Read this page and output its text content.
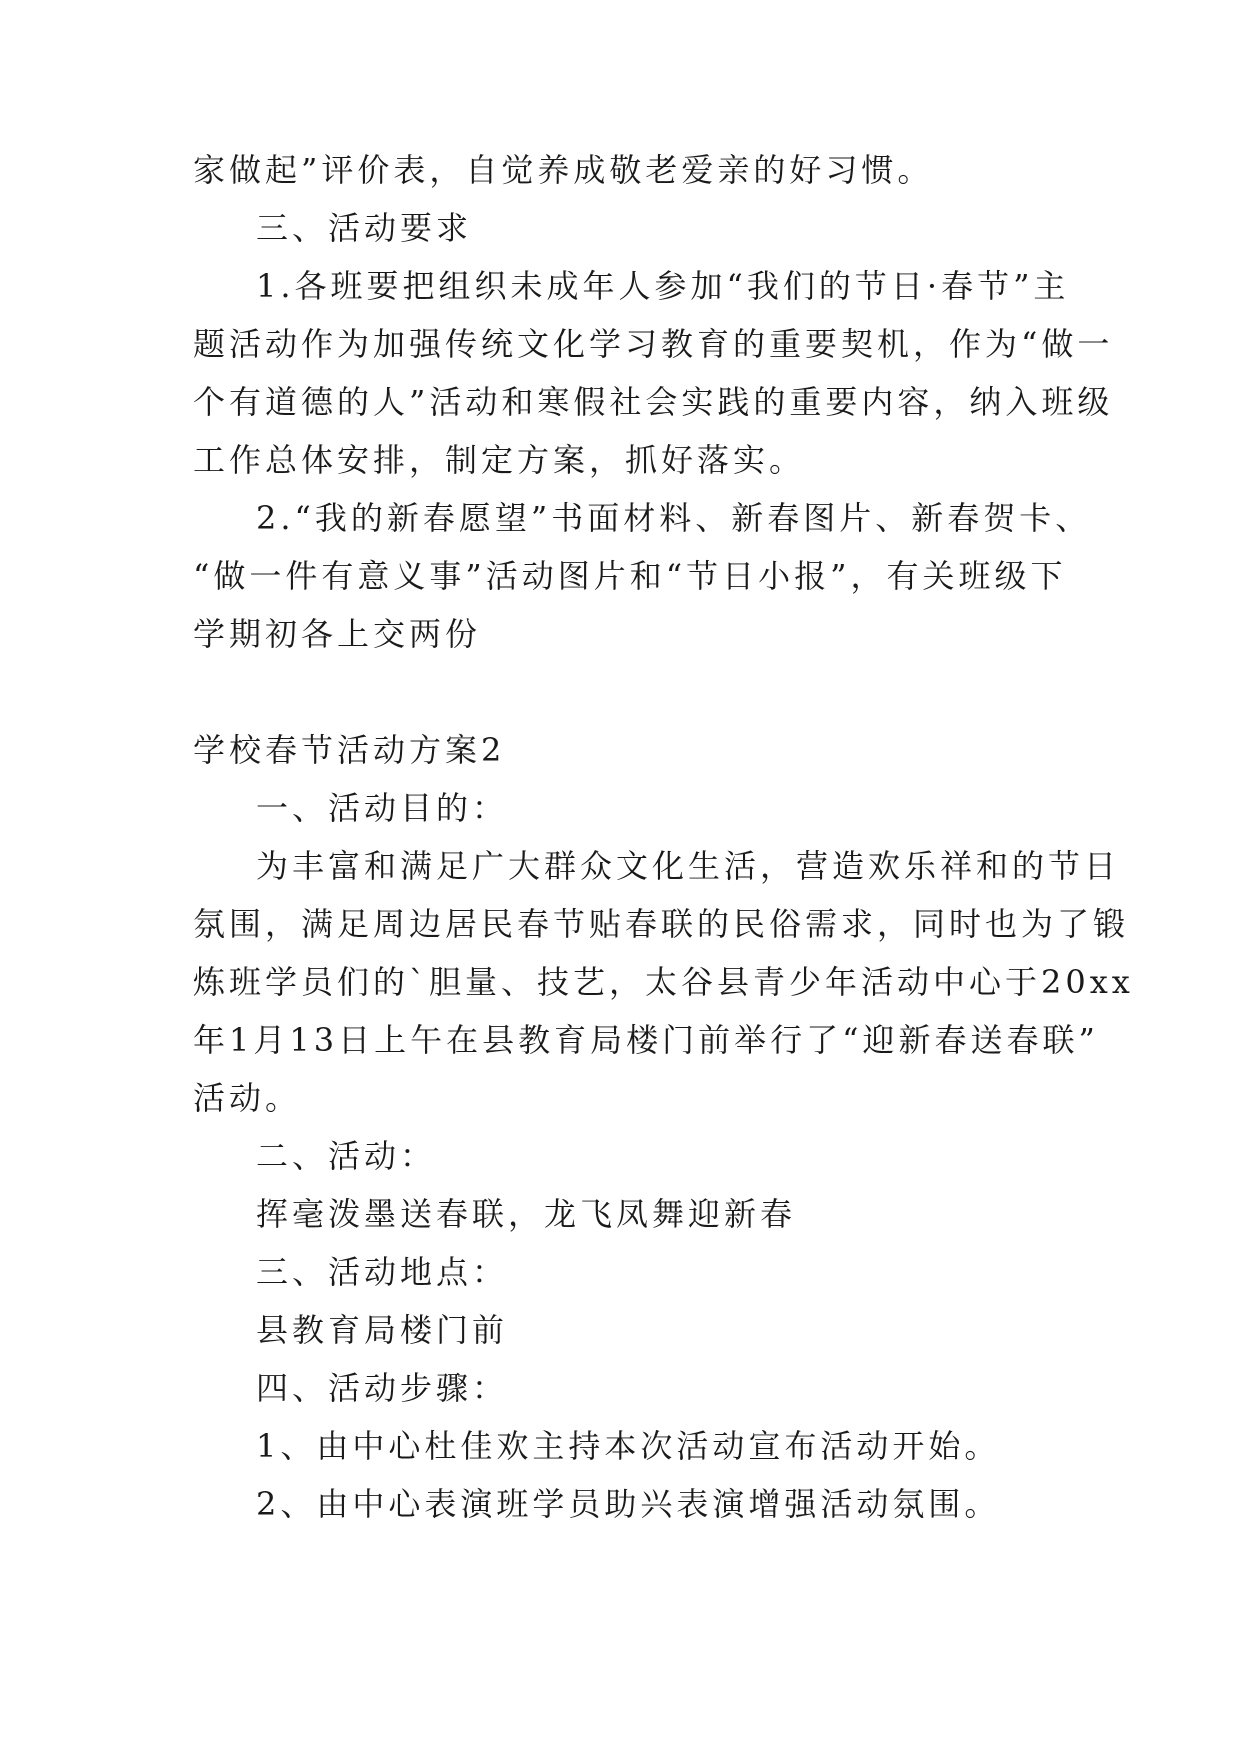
家做起”评价表，自觉养成敬老爱亲的好习惯。
三、活动要求
1.各班要把组织未成年人参加“我们的节日·春节”主
题活动作为加强传统文化学习教育的重要契机，作为“做一
个有道德的人”活动和寒假社会实践的重要内容，纳入班级
工作总体安排，制定方案，抓好落实。
2.“我的新春愿望”书面材料、新春图片、新春贺卡、
“做一件有意义事”活动图片和“节日小报”，有关班级下
学期初各上交两份
学校春节活动方案2
一、活动目的：
为丰富和满足广大群众文化生活，营造欢乐祥和的节日
氛围，满足周边居民春节贴春联的民俗需求，同时也为了锻
炼班学员们的`胆量、技艺，太谷县青少年活动中心于20xx
年1月13日上午在县教育局楼门前举行了“迎新春送春联”
活动。
二、活动：
挥毫泼墨送春联，龙飞凤舞迎新春
三、活动地点：
县教育局楼门前
四、活动步骤：
1、由中心杜佳欢主持本次活动宣布活动开始。
2、由中心表演班学员助兴表演增强活动氛围。
